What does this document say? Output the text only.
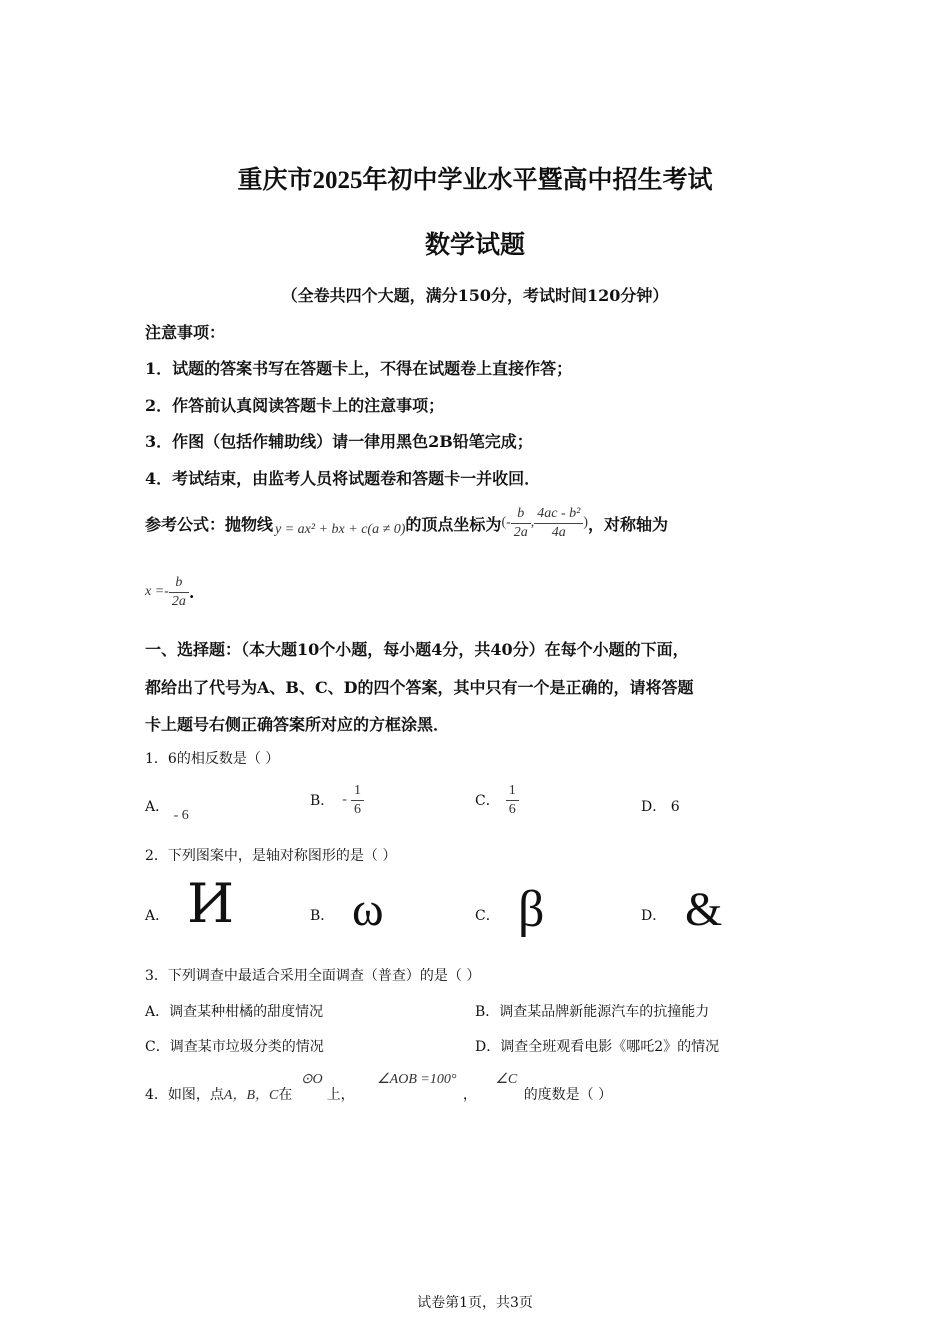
重庆市2025年初中学业水平暨高中招生考试
数学试题
（全卷共四个大题，满分150分，考试时间120分钟）
注意事项：
1．试题的答案书写在答题卡上，不得在试题卷上直接作答；
2．作答前认真阅读答题卡上的注意事项；
3．作图（包括作辅助线）请一律用黑色2B铅笔完成；
4．考试结束，由监考人员将试题卷和答题卡一并收回．
参考公式：抛物线 y = ax² + bx + c(a ≠ 0) 的顶点坐标为 (- $\frac{b}{2a}$ , $\frac{\text{4ac - b²}}{4a}$ ) ，对称轴为
$x =- \frac{b}{2a}$ .
一、选择题：（本大题10个小题，每小题4分，共40分）在每个小题的下面，
都给出了代号为A、B、C、D的四个答案，其中只有一个是正确的，请将答题
卡上题号右侧正确答案所对应的方框涂黑．
1．6的相反数是（ ）
A． - 6
B． - $\frac{1}{6}$	C． $\frac{1}{6}$	D． 6
2．下列图案中，是轴对称图形的是（ ）
A． И	B． ω	C． β	D． &
3．下列调查中最适合采用全面调查（普查）的是（ ）
A．调查某种柑橘的甜度情况	B．调查某品牌新能源汽车的抗撞能力
C．调查某市垃圾分类的情况	D．调查全班观看电影《哪吒2》的情况
4．如图，点A，B，C在 ⊙O上， ∠AOB =100° ， ∠C 的度数是（ ）
试卷第1页，共3页
